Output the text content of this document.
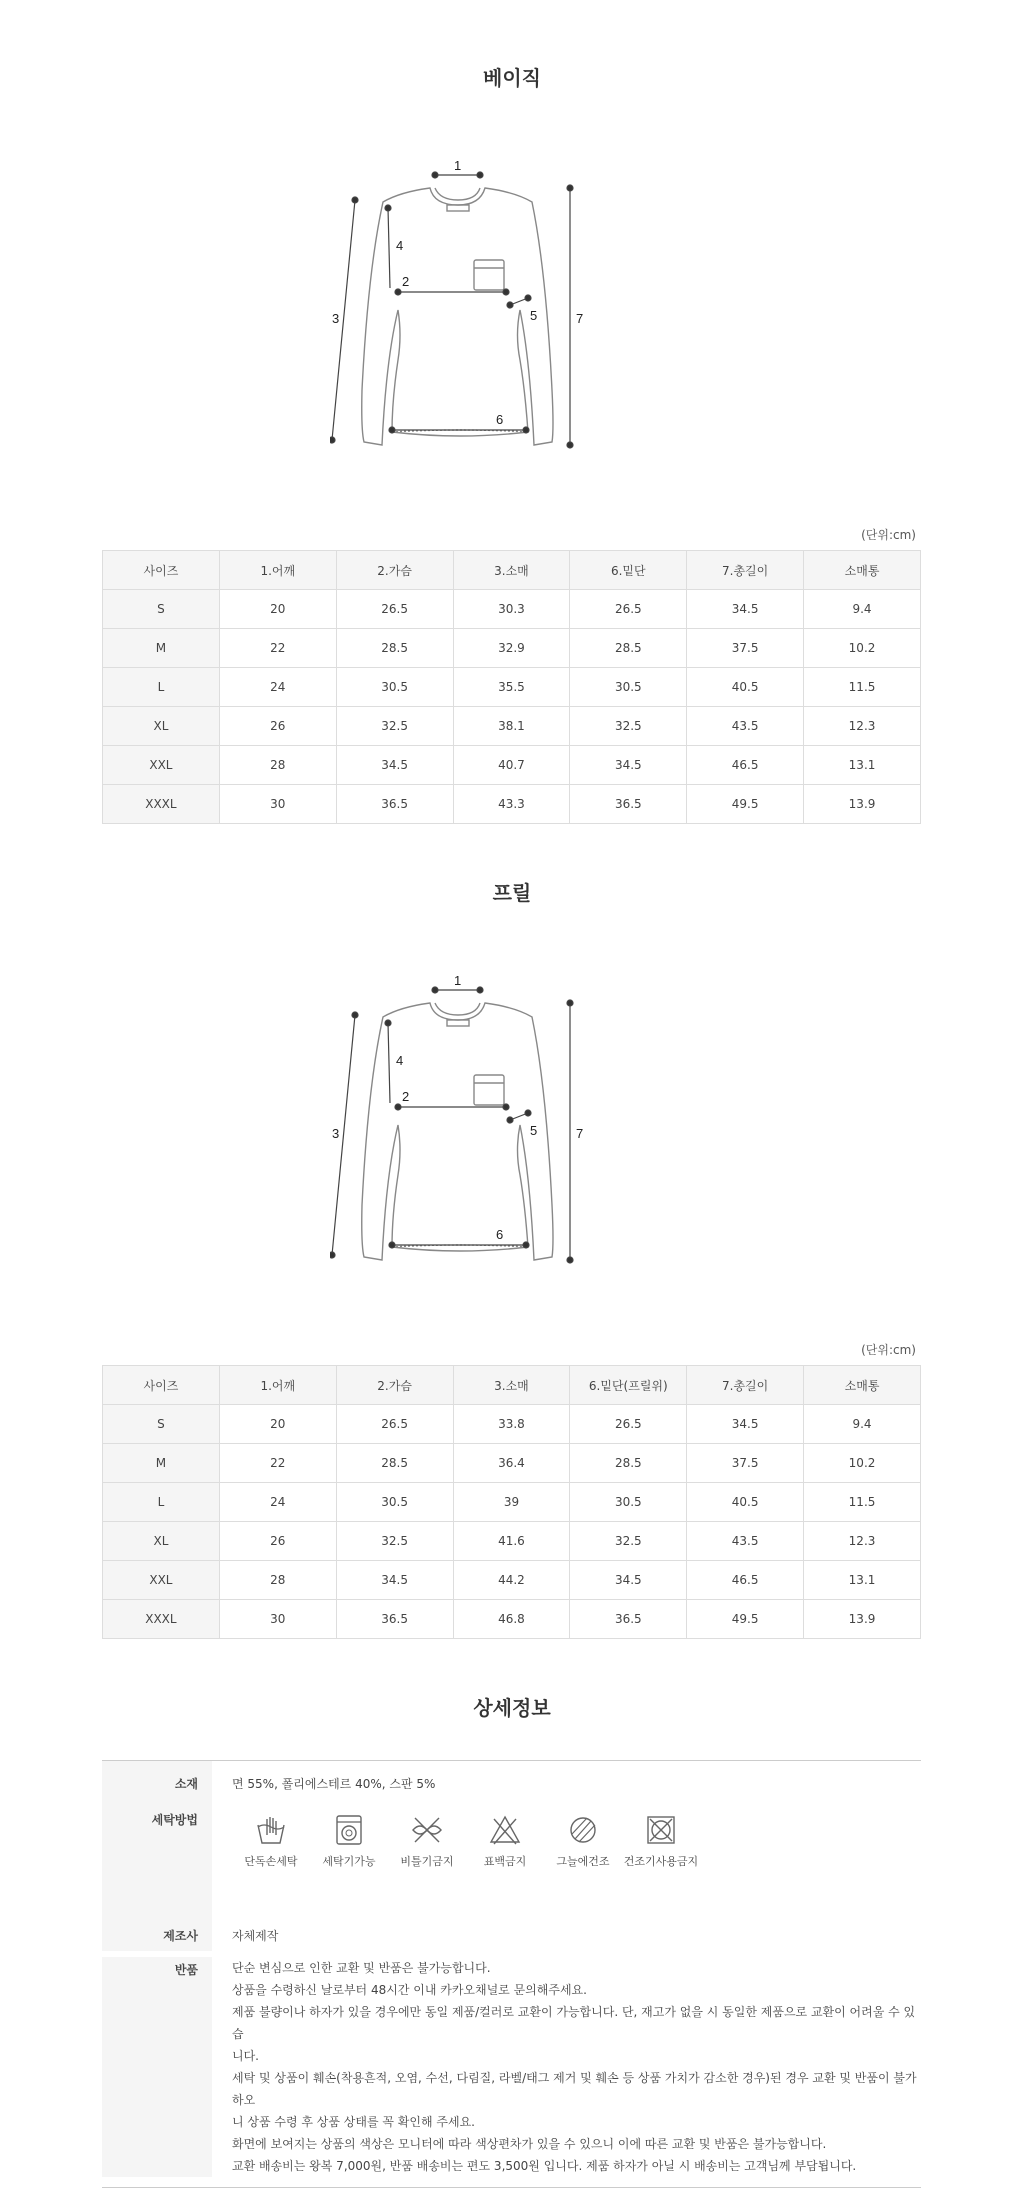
베이직
1
2
3
4
5
6
7
(단위:cm)
사이즈	1.어깨	2.가슴	3.소매	6.밑단	7.총길이	소매통
S	20	26.5	30.3	26.5	34.5	9.4
M	22	28.5	32.9	28.5	37.5	10.2
L	24	30.5	35.5	30.5	40.5	11.5
XL	26	32.5	38.1	32.5	43.5	12.3
XXL	28	34.5	40.7	34.5	46.5	13.1
XXXL	30	36.5	43.3	36.5	49.5	13.9
프릴
1
2
3
4
5
6
7
(단위:cm)
사이즈	1.어깨	2.가슴	3.소매	6.밑단(프릴위)	7.총길이	소매통
S	20	26.5	33.8	26.5	34.5	9.4
M	22	28.5	36.4	28.5	37.5	10.2
L	24	30.5	39	30.5	40.5	11.5
XL	26	32.5	41.6	32.5	43.5	12.3
XXL	28	34.5	44.2	34.5	46.5	13.1
XXXL	30	36.5	46.8	36.5	49.5	13.9
상세정보
소재	면 55%, 폴리에스테르 40%, 스판 5%
세탁방법
단독손세탁	세탁기가능	비틀기금지	표백금지	그늘에건조	건조기사용금지
제조사	자체제작
반품	단순 변심으로 인한 교환 및 반품은 불가능합니다.
상품을 수령하신 날로부터 48시간 이내 카카오채널로 문의해주세요.
제품 불량이나 하자가 있을 경우에만 동일 제품/컬러로 교환이 가능합니다. 단, 재고가 없을 시 동일한 제품으로 교환이 어려울 수 있습
니다.
세탁 및 상품이 훼손(착용흔적, 오염, 수선, 다림질, 라벨/태그 제거 및 훼손 등 상품 가치가 감소한 경우)된 경우 교환 및 반품이 불가하오
니 상품 수령 후 상품 상태를 꼭 확인해 주세요.
화면에 보여지는 상품의 색상은 모니터에 따라 색상편차가 있을 수 있으니 이에 따른 교환 및 반품은 불가능합니다.
교환 배송비는 왕복 7,000원, 반품 배송비는 편도 3,500원 입니다. 제품 하자가 아닐 시 배송비는 고객님께 부담됩니다.
